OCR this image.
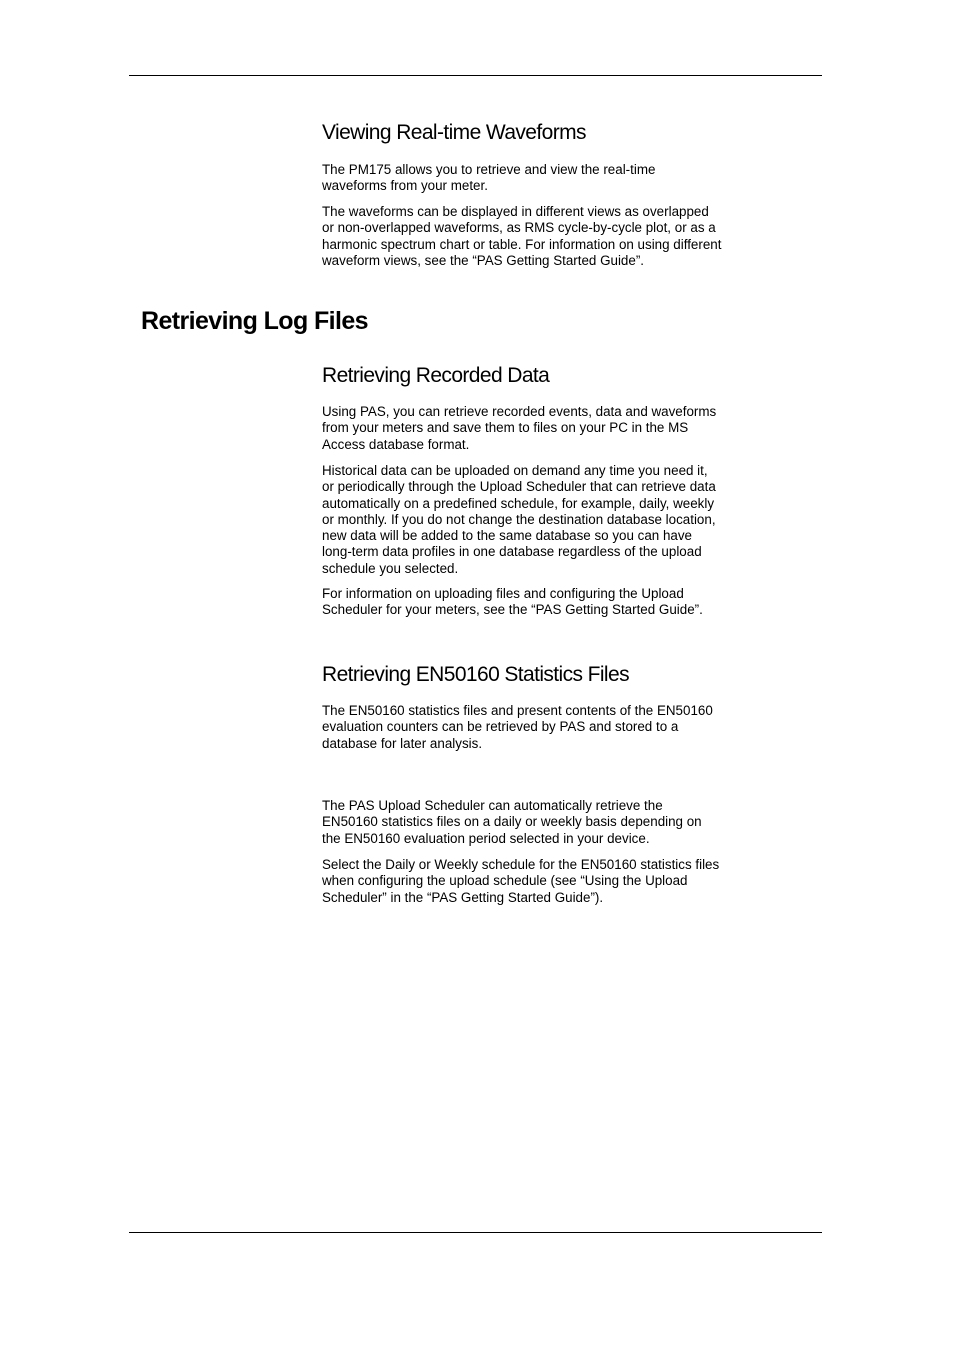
Viewing Real-time Waveforms

The PM175 allows you to retrieve and view the real-time waveforms from your meter.

The waveforms can be displayed in different views as overlapped or non-overlapped waveforms, as RMS cycle-by-cycle plot, or as a harmonic spectrum chart or table. For information on using different waveform views, see the “PAS Getting Started Guide”.

Retrieving Log Files
Retrieving Recorded Data

Using PAS, you can retrieve recorded events, data and waveforms from your meters and save them to files on your PC in the MS Access database format.

Historical data can be uploaded on demand any time you need it, or periodically through the Upload Scheduler that can retrieve data automatically on a predefined schedule, for example, daily, weekly or monthly. If you do not change the destination database location, new data will be added to the same database so you can have long-term data profiles in one database regardless of the upload schedule you selected.

For information on uploading files and configuring the Upload Scheduler for your meters, see the “PAS Getting Started Guide”.

Retrieving EN50160 Statistics Files

The EN50160 statistics files and present contents of the EN50160 evaluation counters can be retrieved by PAS and stored to a database for later analysis.

The PAS Upload Scheduler can automatically retrieve the EN50160 statistics files on a daily or weekly basis depending on the EN50160 evaluation period selected in your device.

Select the Daily or Weekly schedule for the EN50160 statistics files when configuring the upload schedule (see “Using the Upload Scheduler” in the “PAS Getting Started Guide”).
